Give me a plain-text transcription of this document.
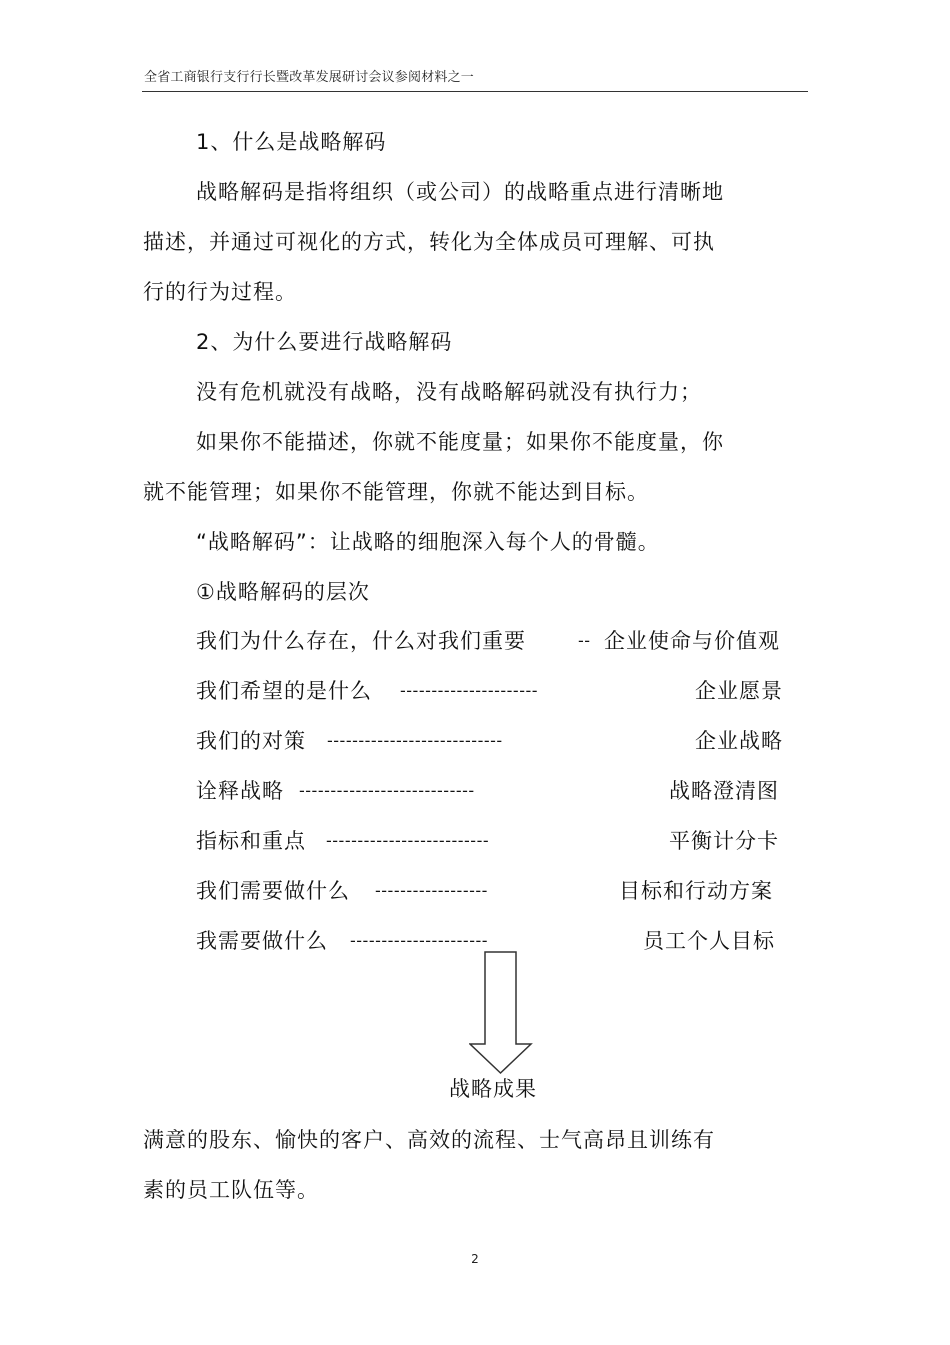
全省工商银行支行行长暨改革发展研讨会议参阅材料之一
1、什么是战略解码
战略解码是指将组织（或公司）的战略重点进行清晰地
描述，并通过可视化的方式，转化为全体成员可理解、可执
行的行为过程。
2、为什么要进行战略解码
没有危机就没有战略，没有战略解码就没有执行力；
如果你不能描述，你就不能度量；如果你不能度量，你
就不能管理；如果你不能管理，你就不能达到目标。
“战略解码”：让战略的细胞深入每个人的骨髓。
①战略解码的层次
我们为什么存在，什么对我们重要	-- 企业使命与价值观
我们希望的是什么 ----------------------	企业愿景
我们的对策 ----------------------------	企业战略
诠释战略 ----------------------------	战略澄清图
指标和重点 --------------------------	平衡计分卡
我们需要做什么 ------------------	目标和行动方案
我需要做什么 ----------------------	员工个人目标
战略成果
满意的股东、愉快的客户、高效的流程、士气高昂且训练有
素的员工队伍等。
2
